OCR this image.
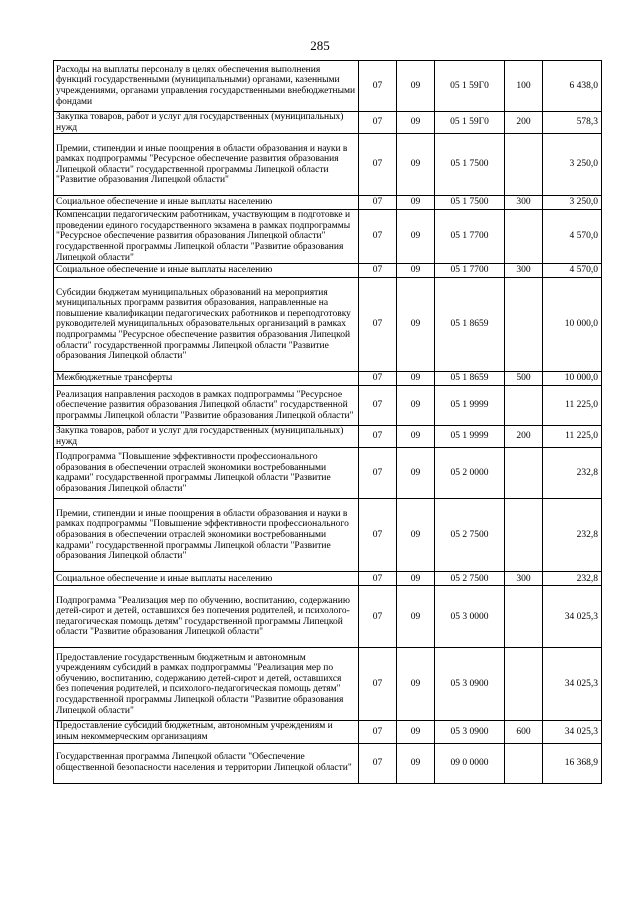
285
Расходы на выплаты персоналу в целях обеспечения выполнения функций государственными (муниципальными) органами, казенными учреждениями, органами управления государственными внебюджетными фондами	07	09	05 1 59Г0	100	6 438,0
Закупка товаров, работ и услуг для государственных (муниципальных) нужд	07	09	05 1 59Г0	200	578,3
Премии, стипендии и иные поощрения в области образования и науки в рамках подпрограммы "Ресурсное обеспечение развития образования Липецкой области" государственной программы Липецкой области "Развитие образования Липецкой области"	07	09	05 1 7500		3 250,0
Социальное обеспечение и иные выплаты населению	07	09	05 1 7500	300	3 250,0
Компенсации педагогическим работникам, участвующим в подготовке и проведении единого государственного экзамена в рамках подпрограммы "Ресурсное обеспечение развития образования Липецкой области" государственной программы Липецкой области "Развитие образования Липецкой области"	07	09	05 1 7700		4 570,0
Социальное обеспечение и иные выплаты населению	07	09	05 1 7700	300	4 570,0
Субсидии бюджетам муниципальных образований на мероприятия муниципальных программ развития образования, направленные на повышение квалификации педагогических работников и переподготовку руководителей муниципальных образовательных организаций в рамках подпрограммы "Ресурсное обеспечение развития образования Липецкой области" государственной программы Липецкой области "Развитие образования Липецкой области"	07	09	05 1 8659		10 000,0
Межбюджетные трансферты	07	09	05 1 8659	500	10 000,0
Реализация направления расходов в рамках подпрограммы "Ресурсное обеспечение развития образования Липецкой области" государственной программы Липецкой области "Развитие образования Липецкой области"	07	09	05 1 9999		11 225,0
Закупка товаров, работ и услуг для государственных (муниципальных) нужд	07	09	05 1 9999	200	11 225,0
Подпрограмма "Повышение эффективности профессионального образования в обеспечении отраслей экономики востребованными кадрами" государственной программы Липецкой области "Развитие образования Липецкой области"	07	09	05 2 0000		232,8
Премии, стипендии и иные поощрения в области образования и науки в рамках подпрограммы "Повышение эффективности профессионального образования в обеспечении отраслей экономики востребованными кадрами" государственной программы Липецкой области "Развитие образования Липецкой области"	07	09	05 2 7500		232,8
Социальное обеспечение и иные выплаты населению	07	09	05 2 7500	300	232,8
Подпрограмма "Реализация мер по обучению, воспитанию, содержанию детей-сирот и детей, оставшихся без попечения родителей, и психолого-педагогическая помощь детям" государственной программы Липецкой области "Развитие образования Липецкой области"	07	09	05 3 0000		34 025,3
Предоставление государственным бюджетным и автономным учреждениям субсидий в рамках подпрограммы "Реализация мер по обучению, воспитанию, содержанию детей-сирот и детей, оставшихся без попечения родителей, и психолого-педагогическая помощь детям" государственной программы Липецкой области "Развитие образования Липецкой области"	07	09	05 3 0900		34 025,3
Предоставление субсидий бюджетным, автономным учреждениям и иным некоммерческим организациям	07	09	05 3 0900	600	34 025,3
Государственная программа Липецкой области "Обеспечение общественной безопасности населения и территории Липецкой области"	07	09	09 0 0000		16 368,9
